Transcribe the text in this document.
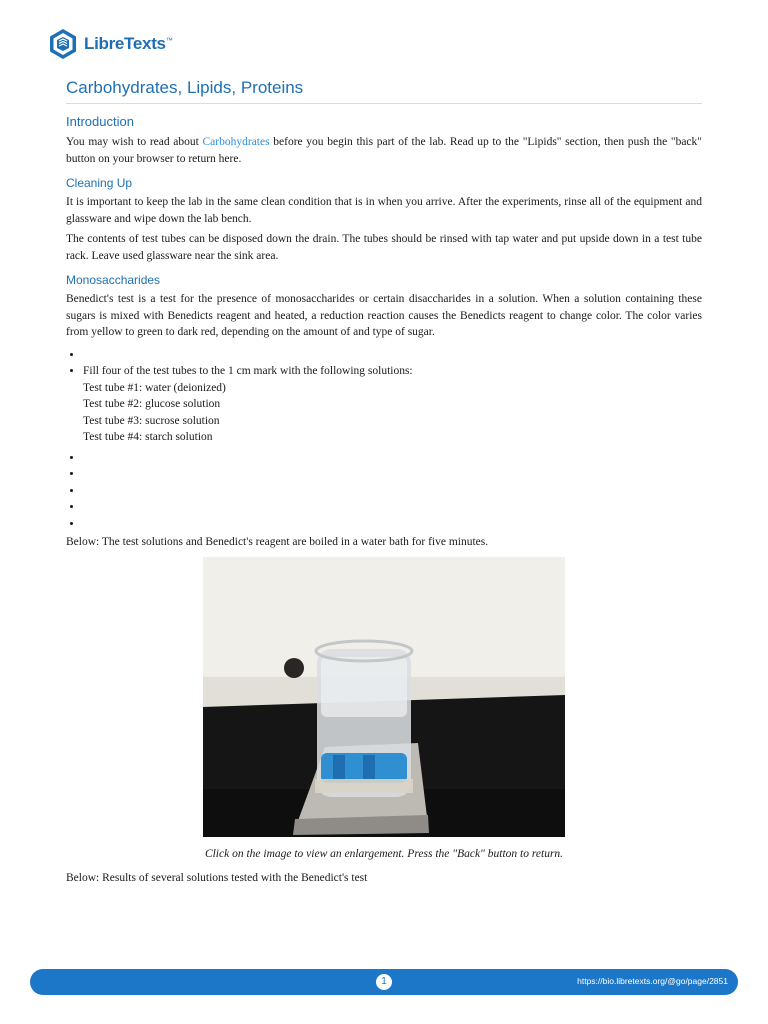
LibreTexts™
Carbohydrates, Lipids, Proteins
Introduction

You may wish to read about Carbohydrates before you begin this part of the lab. Read up to the "Lipids" section, then push the "back" button on your browser to return here.

Cleaning Up

It is important to keep the lab in the same clean condition that is in when you arrive. After the experiments, rinse all of the equipment and glassware and wipe down the lab bench.

The contents of test tubes can be disposed down the drain. The tubes should be rinsed with tap water and put upside down in a test tube rack. Leave used glassware near the sink area.

Monosaccharides

Benedict's test is a test for the presence of monosaccharides or certain disaccharides in a solution. When a solution containing these sugars is mixed with Benedicts reagent and heated, a reduction reaction causes the Benedicts reagent to change color. The color varies from yellow to green to dark red, depending on the amount of and type of sugar.

•
• Fill four of the test tubes to the 1 cm mark with the following solutions:
Test tube #1: water (deionized)
Test tube #2: glucose solution
Test tube #3: sucrose solution
Test tube #4: starch solution
•
•
•
•
•

Below: The test solutions and Benedict's reagent are boiled in a water bath for five minutes.

Click on the image to view an enlargement. Press the "Back" button to return.

Below: Results of several solutions tested with the Benedict's test

1	https://bio.libretexts.org/@go/page/2851
